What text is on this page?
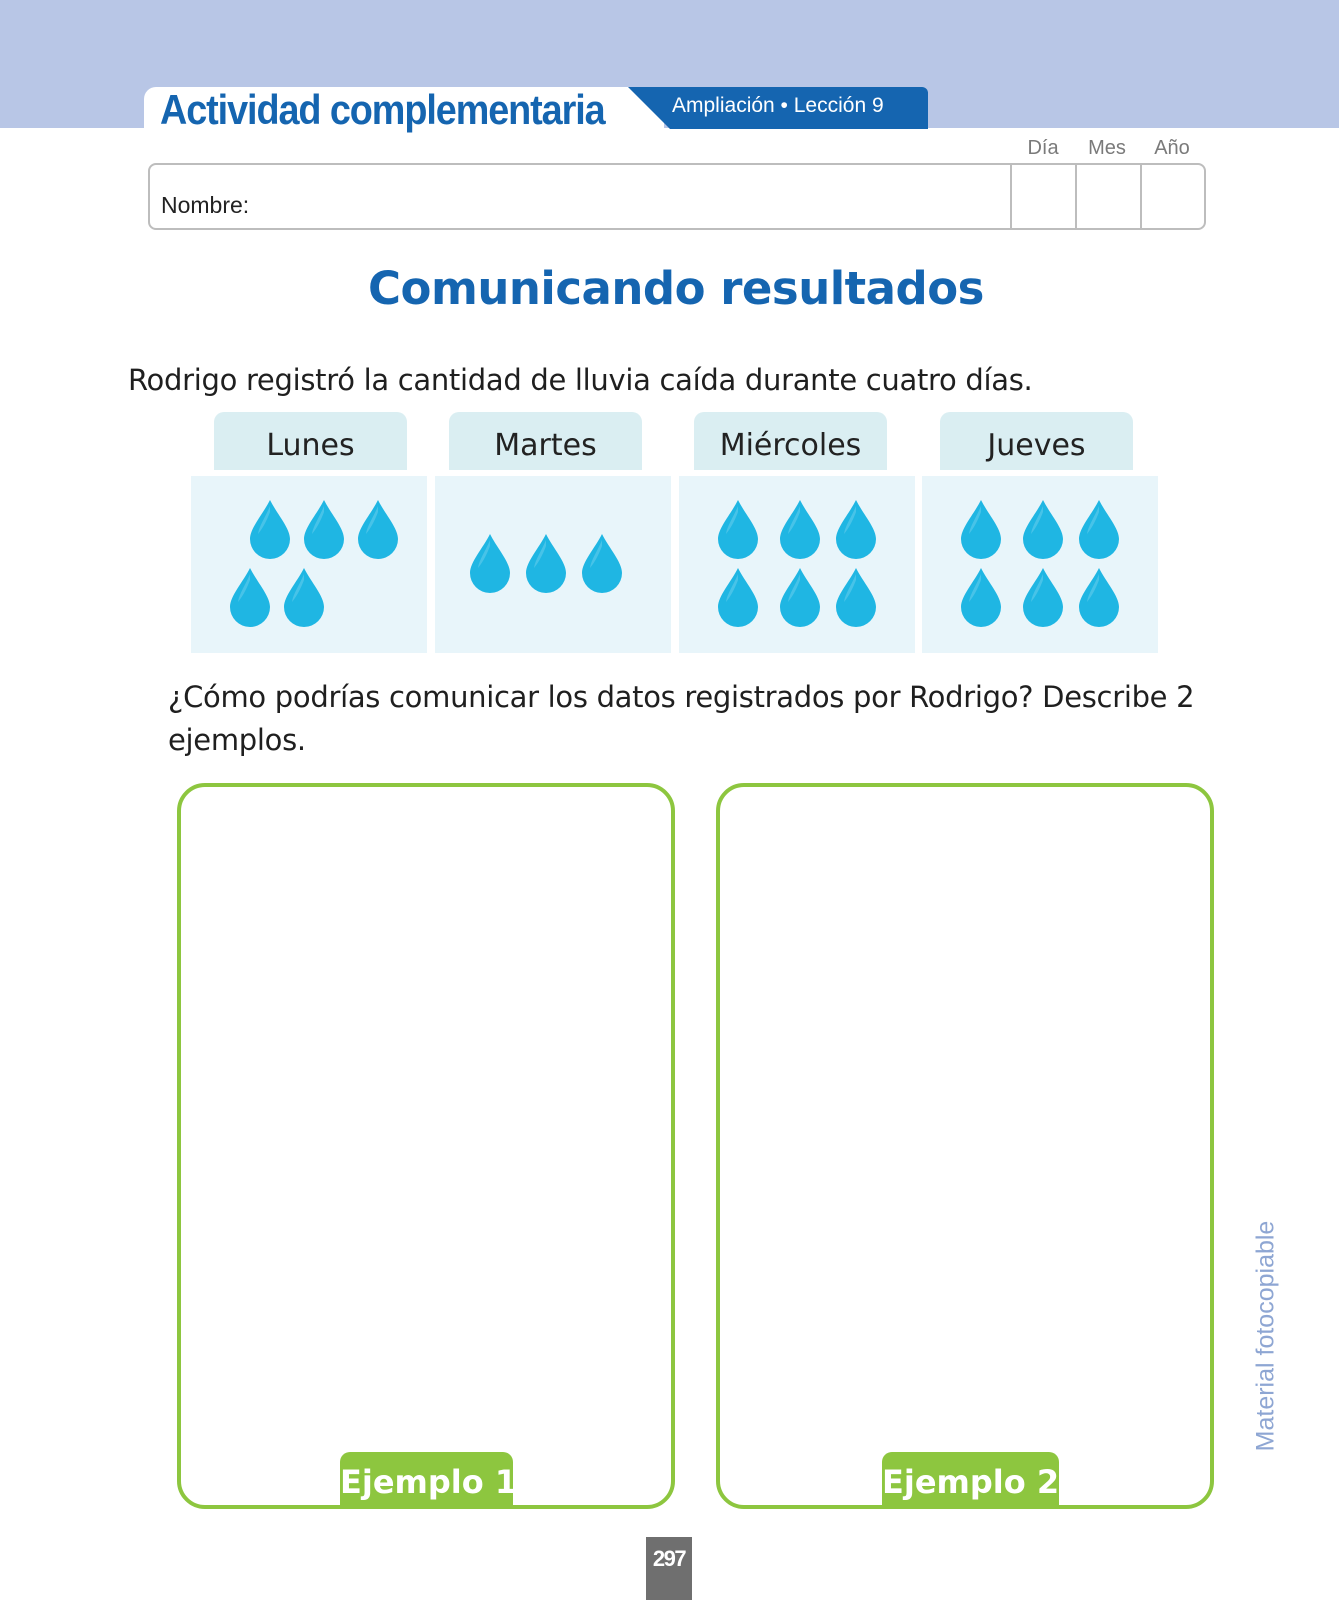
Actividad complementaria	Ampliación • Lección 9
Día	Mes	Año
Nombre:
Comunicando resultados
Rodrigo registró la cantidad de lluvia caída durante cuatro días.
Lunes	Martes	Miércoles	Jueves
¿Cómo podrías comunicar los datos registrados por Rodrigo? Describe 2 ejemplos.
Ejemplo 1	Ejemplo 2
Material fotocopiable
297
